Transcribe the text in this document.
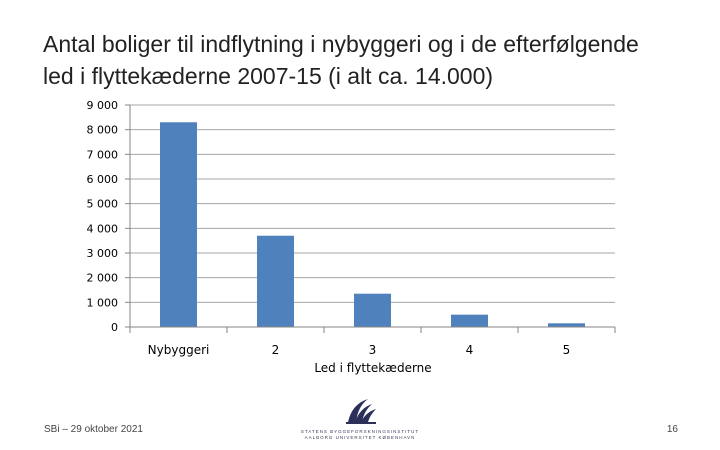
Antal boliger til indflytning i nybyggeri og i de efterfølgende
led i flyttekæderne 2007-15 (i alt ca. 14.000)
0
1 000
2 000
3 000
4 000
5 000
6 000
7 000
8 000
9 000
Nybyggeri	2	3	4	5
Led i flyttekæderne
SBi – 29 oktober 2021	STATENS BYGGEFORSKNINGSINSTITUT
AALBORG UNIVERSITET KØBENHAVN
16
